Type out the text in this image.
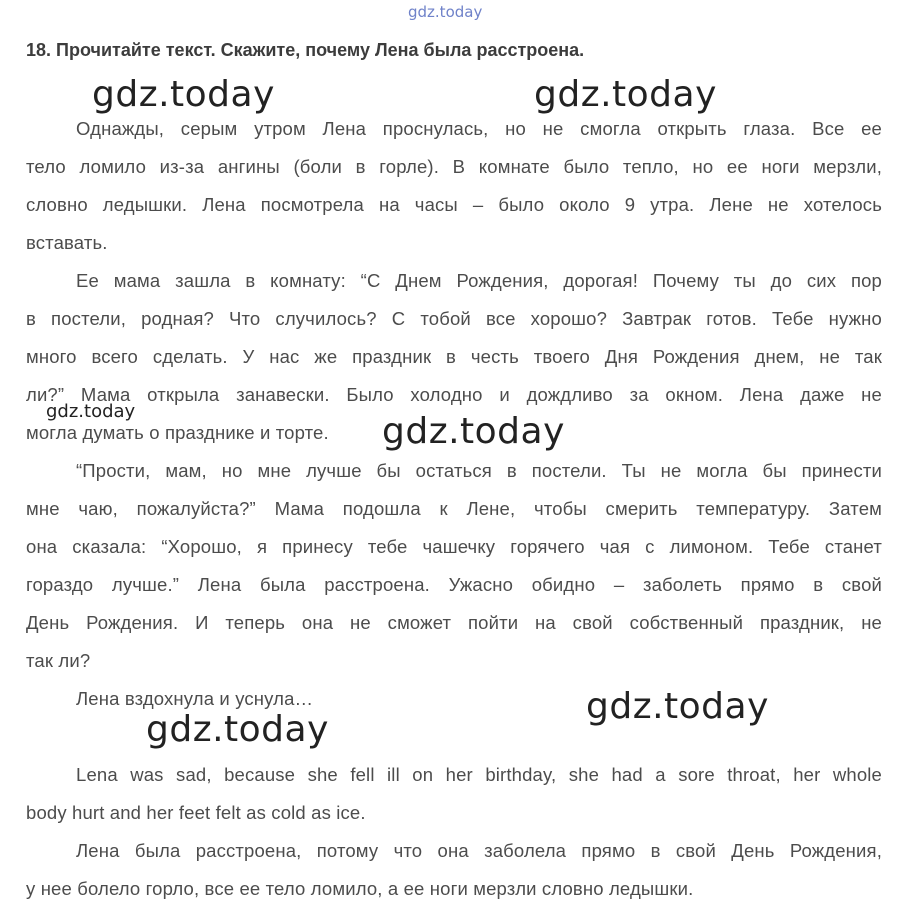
gdz.today
18. Прочитайте текст. Скажите, почему Лена была расстроена.
gdz.today	gdz.today
Однажды, серым утром Лена проснулась, но не смогла открыть глаза. Все ее
тело ломило из-за ангины (боли в горле). В комнате было тепло, но ее ноги мерзли,
словно ледышки. Лена посмотрела на часы – было около 9 утра. Лене не хотелось
вставать.
Ее мама зашла в комнату: “С Днем Рождения, дорогая! Почему ты до сих пор
в постели, родная? Что случилось? С тобой все хорошо? Завтрак готов. Тебе нужно
много всего сделать. У нас же праздник в честь твоего Дня Рождения днем, не так
ли?” Мама открыла занавески. Было холодно и дождливо за окном. Лена даже не
могла думать о празднике и торте.
gdz.today	gdz.today
“Прости, мам, но мне лучше бы остаться в постели. Ты не могла бы принести
мне чаю, пожалуйста?” Мама подошла к Лене, чтобы смерить температуру. Затем
она сказала: “Хорошо, я принесу тебе чашечку горячего чая с лимоном. Тебе станет
гораздо лучше.” Лена была расстроена. Ужасно обидно – заболеть прямо в свой
День Рождения. И теперь она не сможет пойти на свой собственный праздник, не
так ли?
Лена вздохнула и уснула…	gdz.today
gdz.today
Lena was sad, because she fell ill on her birthday, she had a sore throat, her whole
body hurt and her feet felt as cold as ice.
Лена была расстроена, потому что она заболела прямо в свой День Рождения,
у нее болело горло, все ее тело ломило, а ее ноги мерзли словно ледышки.
